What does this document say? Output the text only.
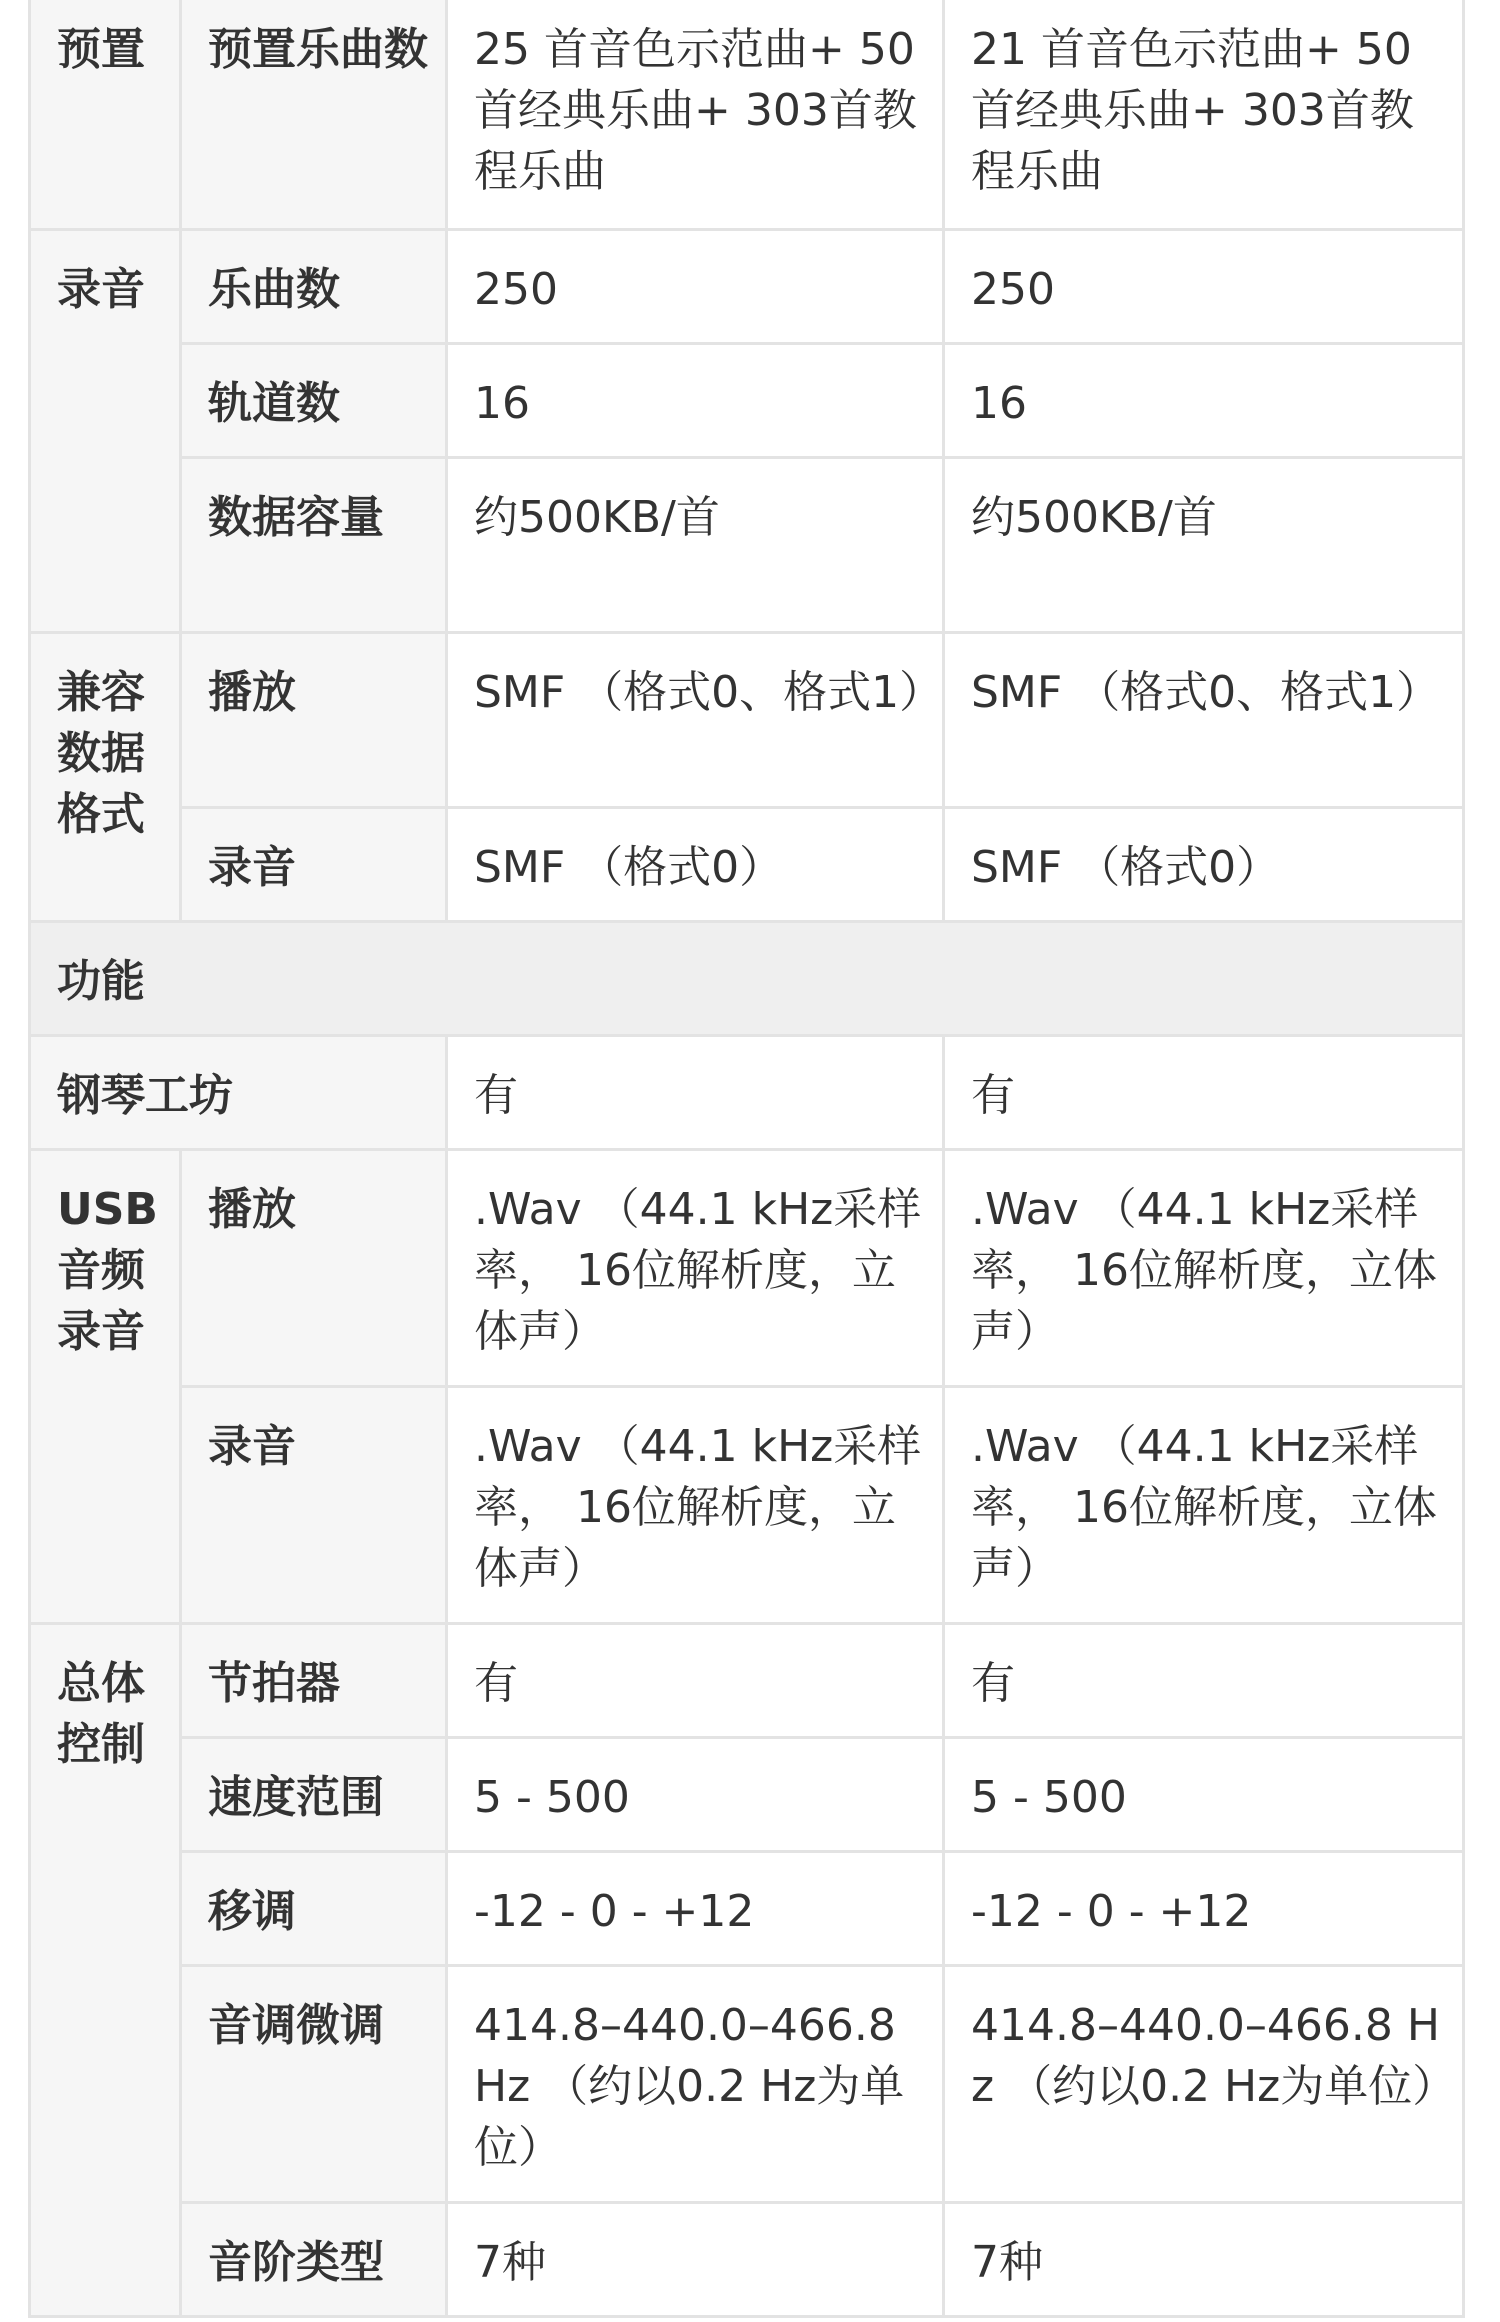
预置	预置乐曲数	25 首音色示范曲+ 50首经典乐曲+ 303首教程乐曲	21 首音色示范曲+ 50首经典乐曲+ 303首教程乐曲
录音	乐曲数	250	250
	轨道数	16	16
	数据容量	约500KB/首	约500KB/首
兼容数据格式	播放	SMF （格式0、格式1）	SMF （格式0、格式1）
	录音	SMF （格式0）	SMF （格式0）
功能			
钢琴工坊		有	有
USB音频录音	播放	.Wav （44.1 kHz采样率， 16位解析度，立体声）	.Wav （44.1 kHz采样率， 16位解析度，立体声）
	录音	.Wav （44.1 kHz采样率， 16位解析度，立体声）	.Wav （44.1 kHz采样率， 16位解析度，立体声）
总体控制	节拍器	有	有
	速度范围	5 - 500	5 - 500
	移调	-12 - 0 - +12	-12 - 0 - +12
	音调微调	414.8–440.0–466.8 Hz （约以0.2 Hz为单位）	414.8–440.0–466.8 Hz （约以0.2 Hz为单位）
	音阶类型	7种	7种
